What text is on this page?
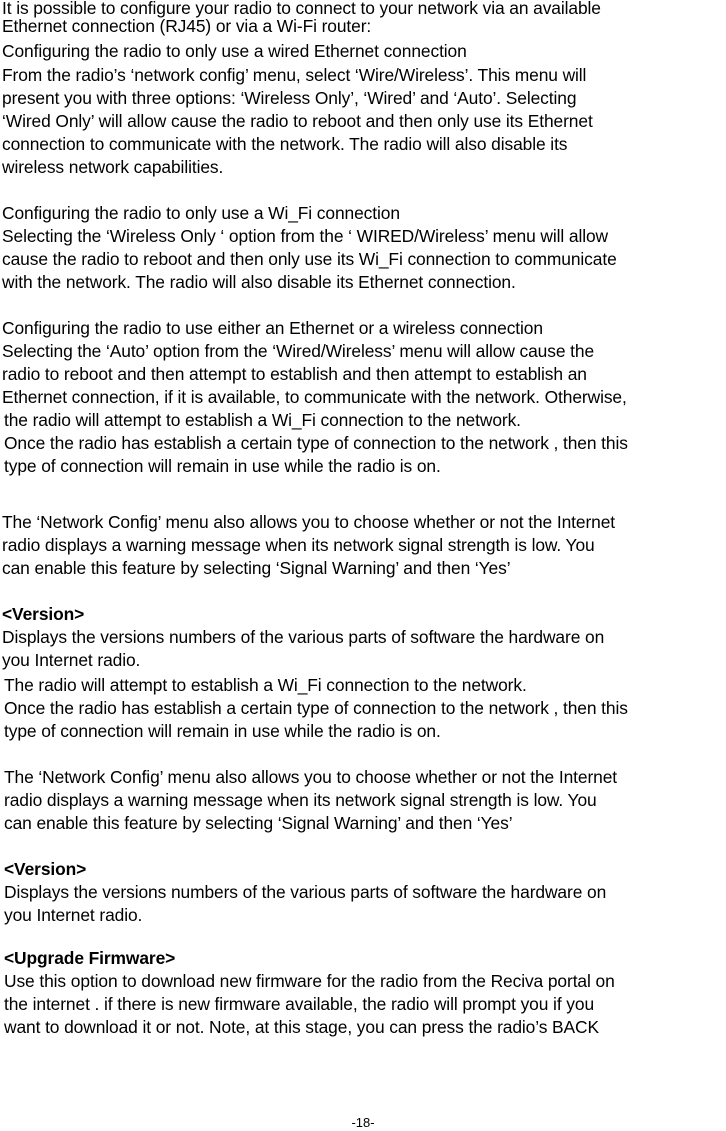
It is possible to configure your radio to connect to your network via an available
Ethernet connection (RJ45) or via a Wi-Fi router:
Configuring the radio to only use a wired Ethernet connection
From the radio’s ‘network config’ menu, select ‘Wire/Wireless’. This menu will
present you with three options: ‘Wireless Only’, ‘Wired’ and ‘Auto’. Selecting
‘Wired Only’ will allow cause the radio to reboot and then only use its Ethernet
connection to communicate with the network. The radio will also disable its
wireless network capabilities.
Configuring the radio to only use a Wi_Fi connection
Selecting the ‘Wireless Only ‘ option from the ‘ WIRED/Wireless’ menu will allow
cause the radio to reboot and then only use its Wi_Fi connection to communicate
with the network. The radio will also disable its Ethernet connection.
Configuring the radio to use either an Ethernet or a wireless connection
Selecting the ‘Auto’ option from the ‘Wired/Wireless’ menu will allow cause the
radio to reboot and then attempt to establish and then attempt to establish an
Ethernet connection, if it is available, to communicate with the network. Otherwise,
the radio will attempt to establish a Wi_Fi connection to the network.
Once the radio has establish a certain type of connection to the network , then this
type of connection will remain in use while the radio is on.
The ‘Network Config’ menu also allows you to choose whether or not the Internet
radio displays a warning message when its network signal strength is low. You
can enable this feature by selecting ‘Signal Warning’ and then ‘Yes’
<Version>
Displays the versions numbers of the various parts of software the hardware on
you Internet radio.
The radio will attempt to establish a Wi_Fi connection to the network.
Once the radio has establish a certain type of connection to the network , then this
type of connection will remain in use while the radio is on.
The ‘Network Config’ menu also allows you to choose whether or not the Internet
radio displays a warning message when its network signal strength is low. You
can enable this feature by selecting ‘Signal Warning’ and then ‘Yes’
<Version>
Displays the versions numbers of the various parts of software the hardware on
you Internet radio.
<Upgrade Firmware>
Use this option to download new firmware for the radio from the Reciva portal on
the internet . if there is new firmware available, the radio will prompt you if you
want to download it or not. Note, at this stage, you can press the radio’s BACK
-18-
